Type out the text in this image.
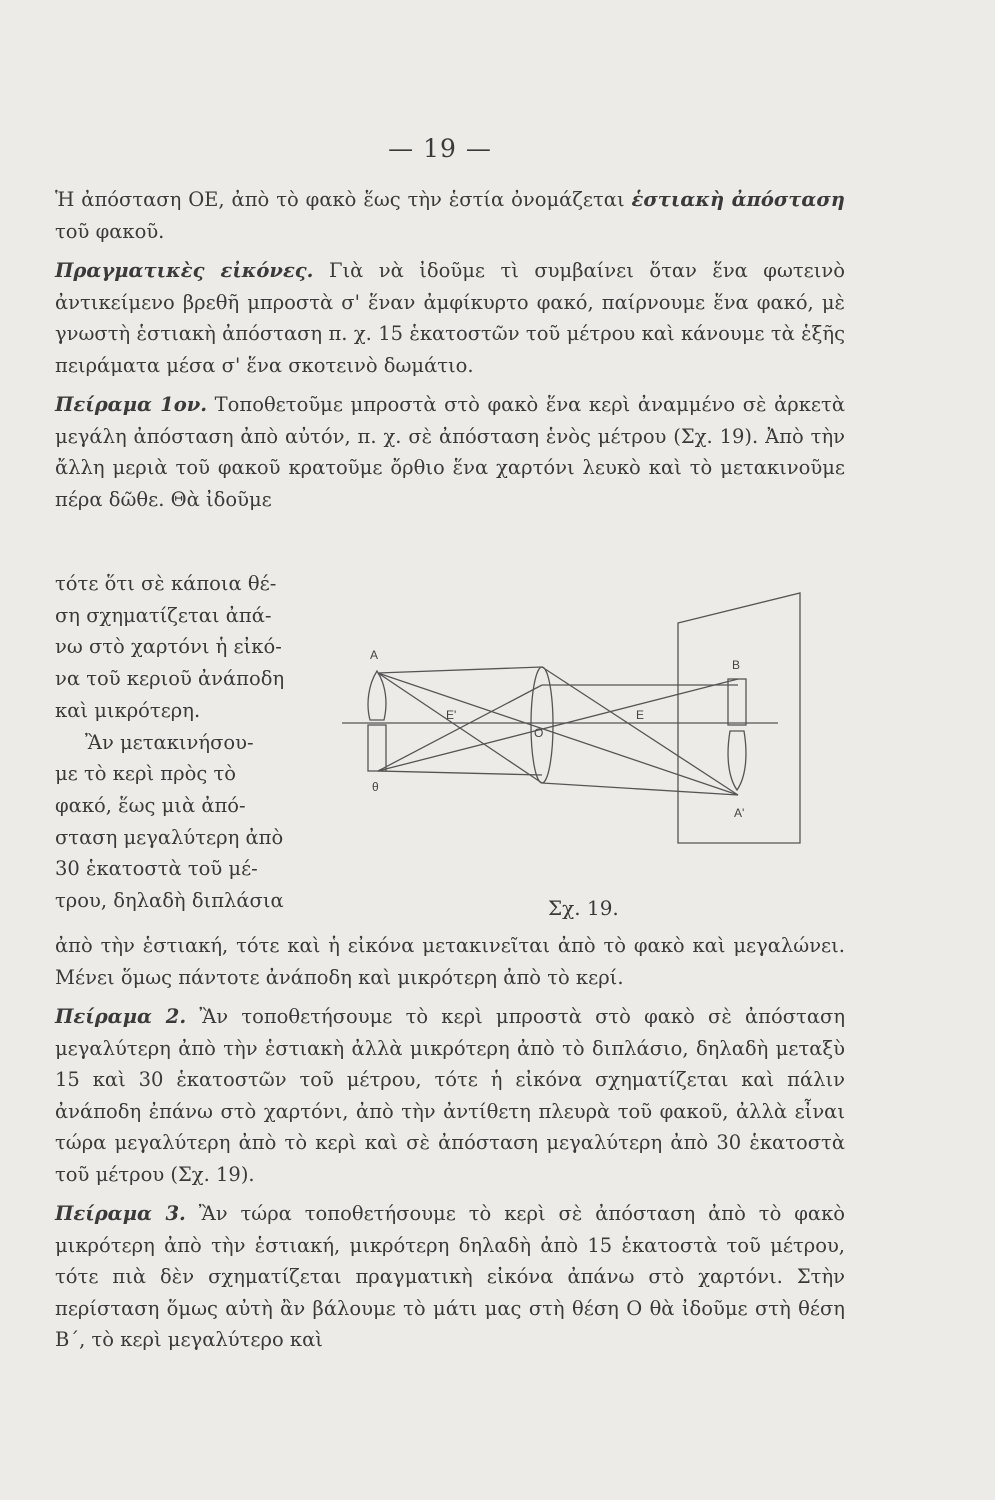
— 19 —

Ἡ ἀπόσταση ΟΕ, ἀπὸ τὸ φακὸ ἕως τὴν ἑστία ὀνομάζεται ἑστιακὴ ἀπόσταση τοῦ φακοῦ.

Πραγματικὲς εἰκόνες. Γιὰ νὰ ἰδοῦμε τὶ συμβαίνει ὅταν ἕνα φωτεινὸ ἀντικείμενο βρεθῆ μπροστὰ σ' ἕναν ἀμφίκυρτο φακό, παίρνουμε ἕνα φακό, μὲ γνωστὴ ἑστιακὴ ἀπόσταση π. χ. 15 ἑκατοστῶν τοῦ μέτρου καὶ κάνουμε τὰ ἑξῆς πειράματα μέσα σ' ἕνα σκοτεινὸ δωμάτιο.

Πείραμα 1ον. Τοποθετοῦμε μπροστὰ στὸ φακὸ ἕνα κερὶ ἀναμμένο σὲ ἀρκετὰ μεγάλη ἀπόσταση ἀπὸ αὐτόν, π. χ. σὲ ἀπόσταση ἑνὸς μέτρου (Σχ. 19). Ἀπὸ τὴν ἄλλη μεριὰ τοῦ φακοῦ κρατοῦμε ὄρθιο ἕνα χαρτόνι λευκὸ καὶ τὸ μετακινοῦμε πέρα δῶθε. Θὰ ἰδοῦμε

τότε ὅτι σὲ κάποια θέ-

ση σχηματίζεται ἀπά-

νω στὸ χαρτόνι ἡ εἰκό-

να τοῦ κεριοῦ ἀνάποδη

καὶ μικρότερη.

Ἂν μετακινήσου-

με τὸ κερὶ πρὸς τὸ

φακό, ἕως μιὰ ἀπό-

σταση μεγαλύτερη ἀπὸ

30 ἑκατοστὰ τοῦ μέ-

τρου, δηλαδὴ διπλάσια

A
B
E'	E
O
θ
A'
Σχ. 19.

ἀπὸ τὴν ἑστιακή, τότε καὶ ἡ εἰκόνα μετακινεῖται ἀπὸ τὸ φακὸ καὶ μεγαλώνει. Μένει ὅμως πάντοτε ἀνάποδη καὶ μικρότερη ἀπὸ τὸ κερί.

Πείραμα 2. Ἂν τοποθετήσουμε τὸ κερὶ μπροστὰ στὸ φακὸ σὲ ἀπόσταση μεγαλύτερη ἀπὸ τὴν ἑστιακὴ ἀλλὰ μικρότερη ἀπὸ τὸ διπλάσιο, δηλαδὴ μεταξὺ 15 καὶ 30 ἑκατοστῶν τοῦ μέτρου, τότε ἡ εἰκόνα σχηματίζεται καὶ πάλιν ἀνάποδη ἐπάνω στὸ χαρτόνι, ἀπὸ τὴν ἀντίθετη πλευρὰ τοῦ φακοῦ, ἀλλὰ εἶναι τώρα μεγαλύτερη ἀπὸ τὸ κερὶ καὶ σὲ ἀπόσταση μεγαλύτερη ἀπὸ 30 ἑκατοστὰ τοῦ μέτρου (Σχ. 19).

Πείραμα 3. Ἂν τώρα τοποθετήσουμε τὸ κερὶ σὲ ἀπόσταση ἀπὸ τὸ φακὸ μικρότερη ἀπὸ τὴν ἑστιακή, μικρότερη δηλαδὴ ἀπὸ 15 ἑκατοστὰ τοῦ μέτρου, τότε πιὰ δὲν σχηματίζεται πραγματικὴ εἰκόνα ἀπάνω στὸ χαρτόνι. Στὴν περίσταση ὅμως αὐτὴ ἂν βάλουμε τὸ μάτι μας στὴ θέση Ο θὰ ἰδοῦμε στὴ θέση Β΄, τὸ κερὶ μεγαλύτερο καὶ
